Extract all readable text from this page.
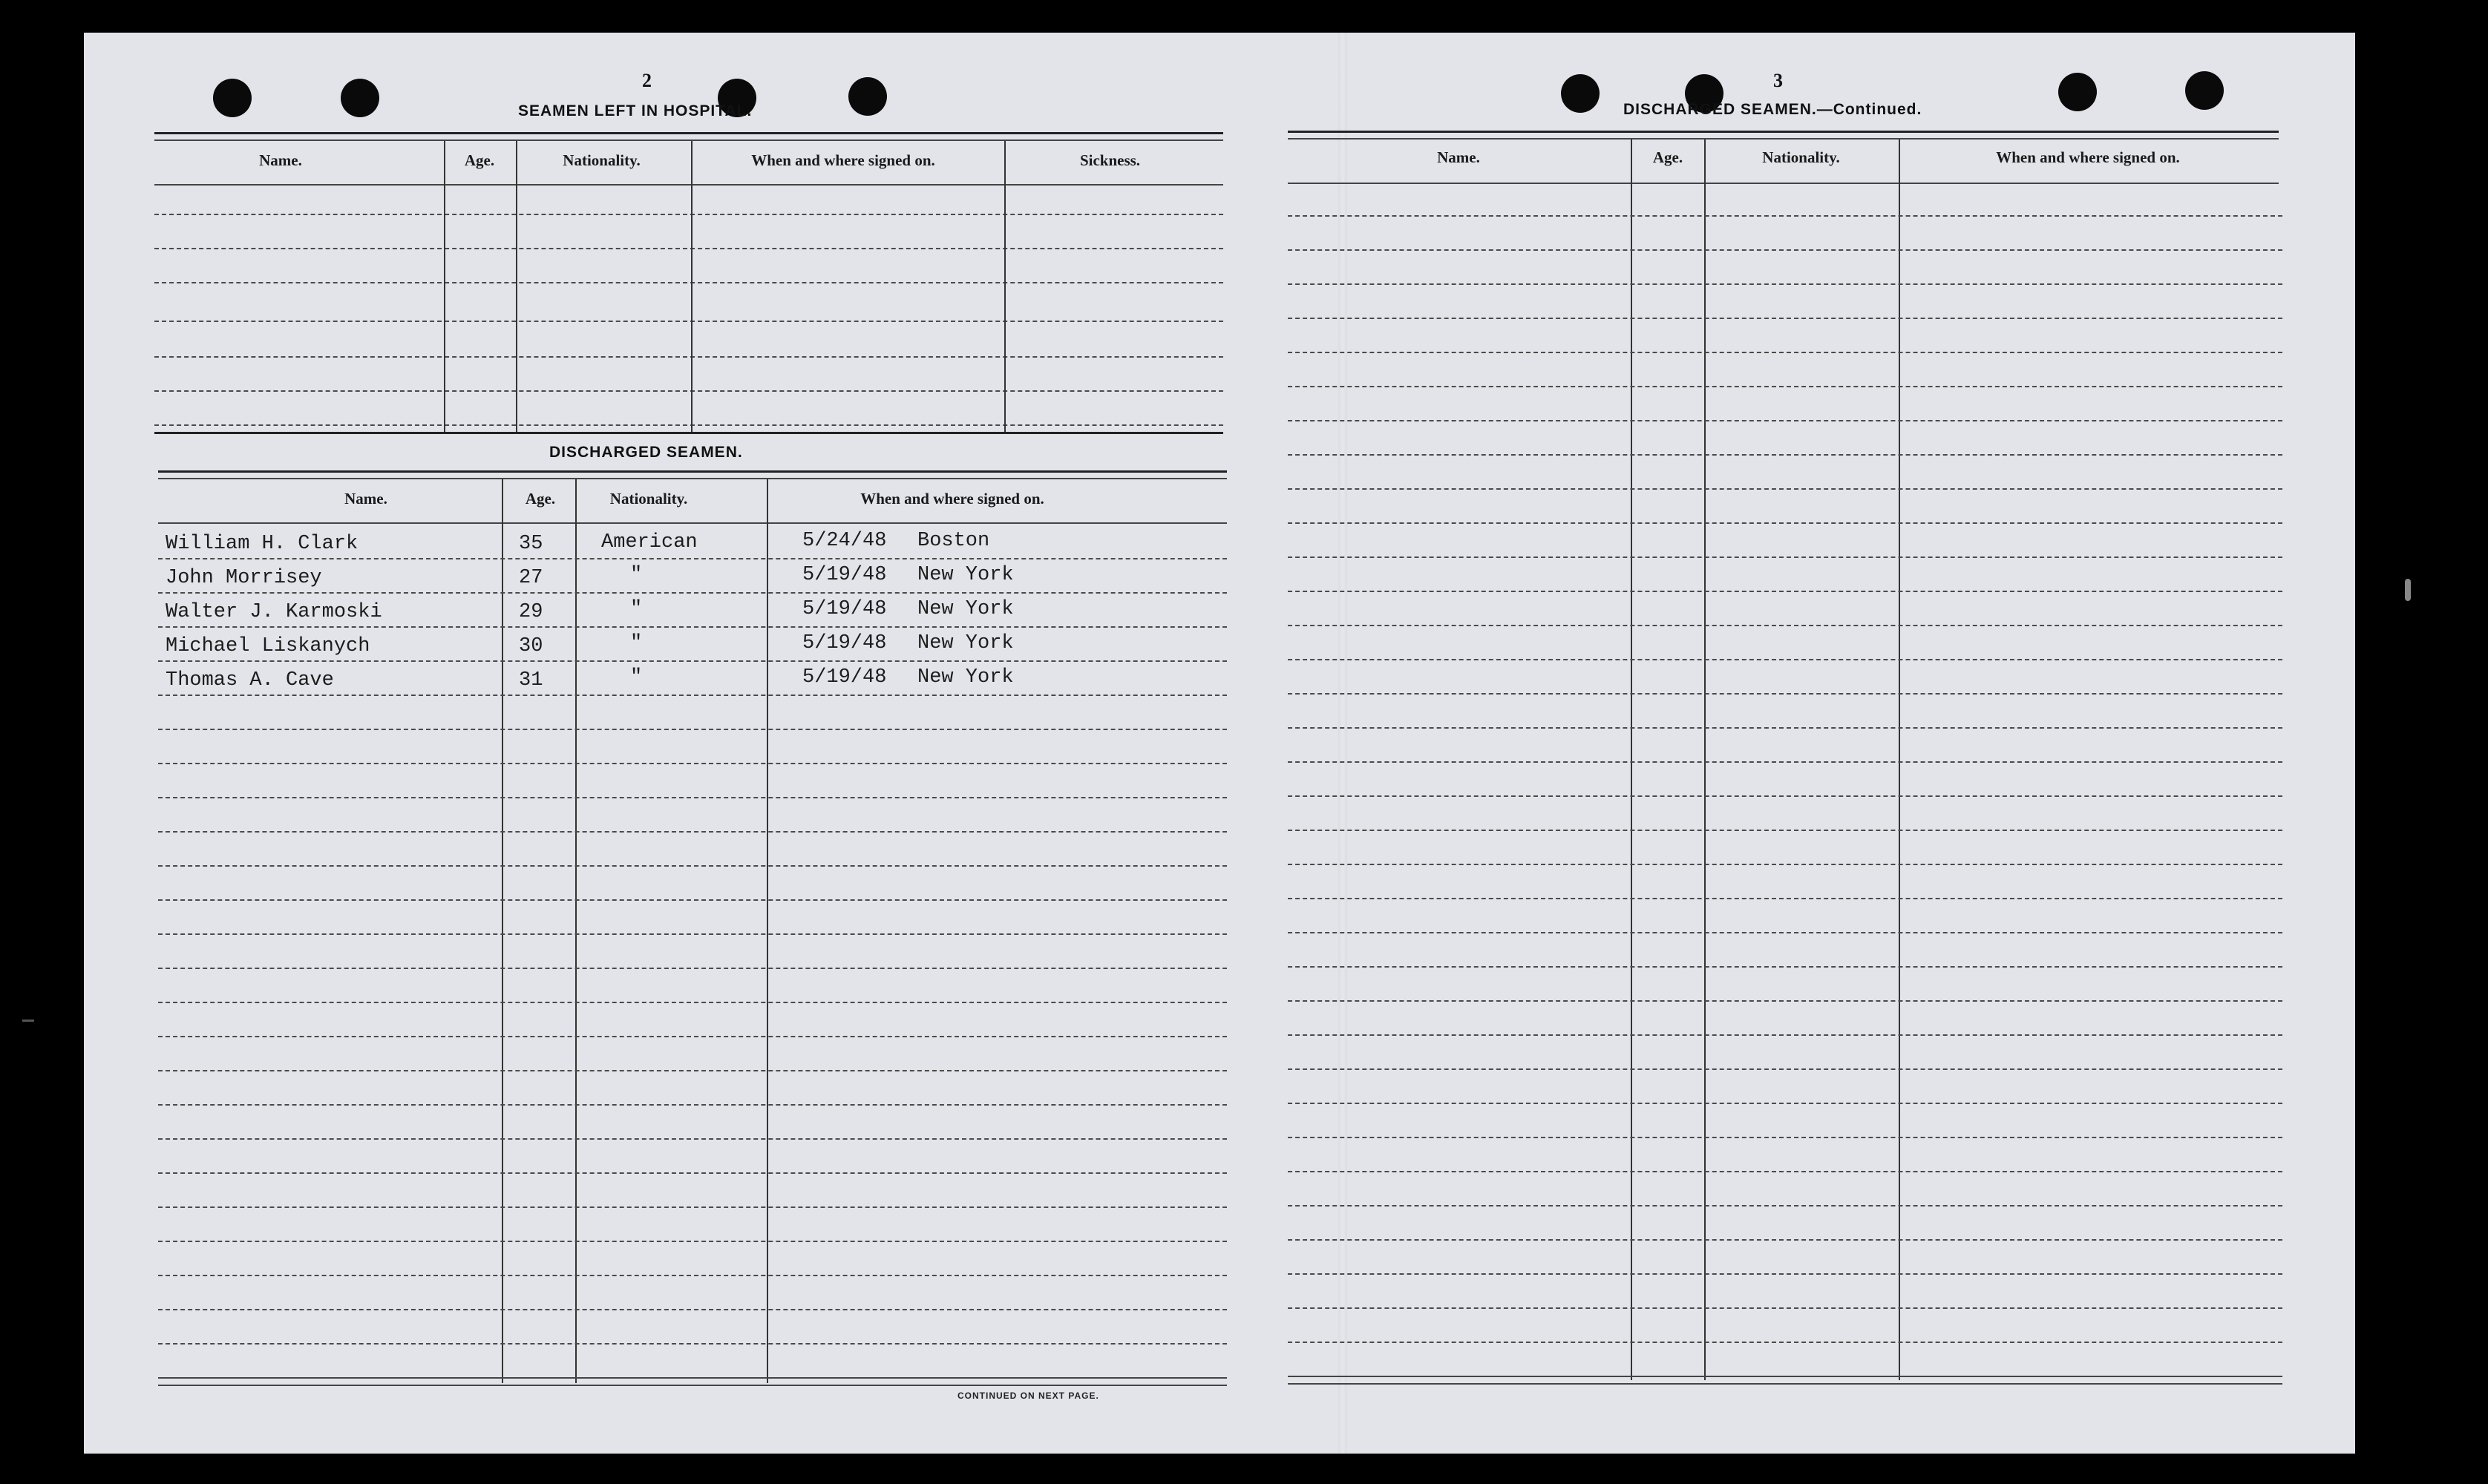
2
SEAMEN LEFT IN HOSPITAL.
Name.	Age.	Nationality.	When and where signed on.	Sickness.
DISCHARGED SEAMEN.
Name.	Age.	Nationality.	When and where signed on.
William H. Clark	35	American	5/24/48 Boston
John Morrisey	27	"	5/19/48 New York
Walter J. Karmoski	29	"	5/19/48 New York
Michael Liskanych	30	"	5/19/48 New York
Thomas A. Cave	31	"	5/19/48 New York
CONTINUED ON NEXT PAGE.
3
DISCHARGED SEAMEN.—Continued.
Name.	Age.	Nationality.	When and where signed on.
